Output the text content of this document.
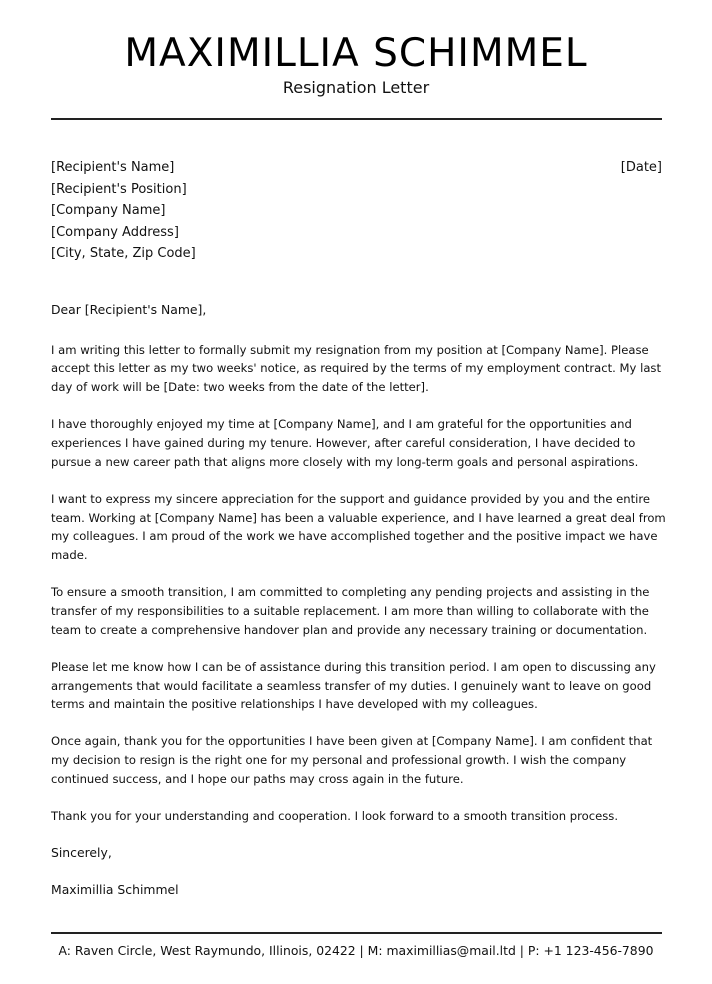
MAXIMILLIA SCHIMMEL
Resignation Letter
[Recipient's Name]
[Recipient's Position]
[Company Name]
[Company Address]
[City, State, Zip Code]
[Date]

Dear [Recipient's Name],

I am writing this letter to formally submit my resignation from my position at [Company Name]. Please accept this letter as my two weeks' notice, as required by the terms of my employment contract. My last day of work will be [Date: two weeks from the date of the letter].

I have thoroughly enjoyed my time at [Company Name], and I am grateful for the opportunities and experiences I have gained during my tenure. However, after careful consideration, I have decided to pursue a new career path that aligns more closely with my long-term goals and personal aspirations.

I want to express my sincere appreciation for the support and guidance provided by you and the entire team. Working at [Company Name] has been a valuable experience, and I have learned a great deal from my colleagues. I am proud of the work we have accomplished together and the positive impact we have made.

To ensure a smooth transition, I am committed to completing any pending projects and assisting in the transfer of my responsibilities to a suitable replacement. I am more than willing to collaborate with the team to create a comprehensive handover plan and provide any necessary training or documentation.

Please let me know how I can be of assistance during this transition period. I am open to discussing any arrangements that would facilitate a seamless transfer of my duties. I genuinely want to leave on good terms and maintain the positive relationships I have developed with my colleagues.

Once again, thank you for the opportunities I have been given at [Company Name]. I am confident that my decision to resign is the right one for my personal and professional growth. I wish the company continued success, and I hope our paths may cross again in the future.

Thank you for your understanding and cooperation. I look forward to a smooth transition process.

Sincerely,

Maximillia Schimmel

A: Raven Circle, West Raymundo, Illinois, 02422 | M: maximillias@mail.ltd | P: +1 123-456-7890
